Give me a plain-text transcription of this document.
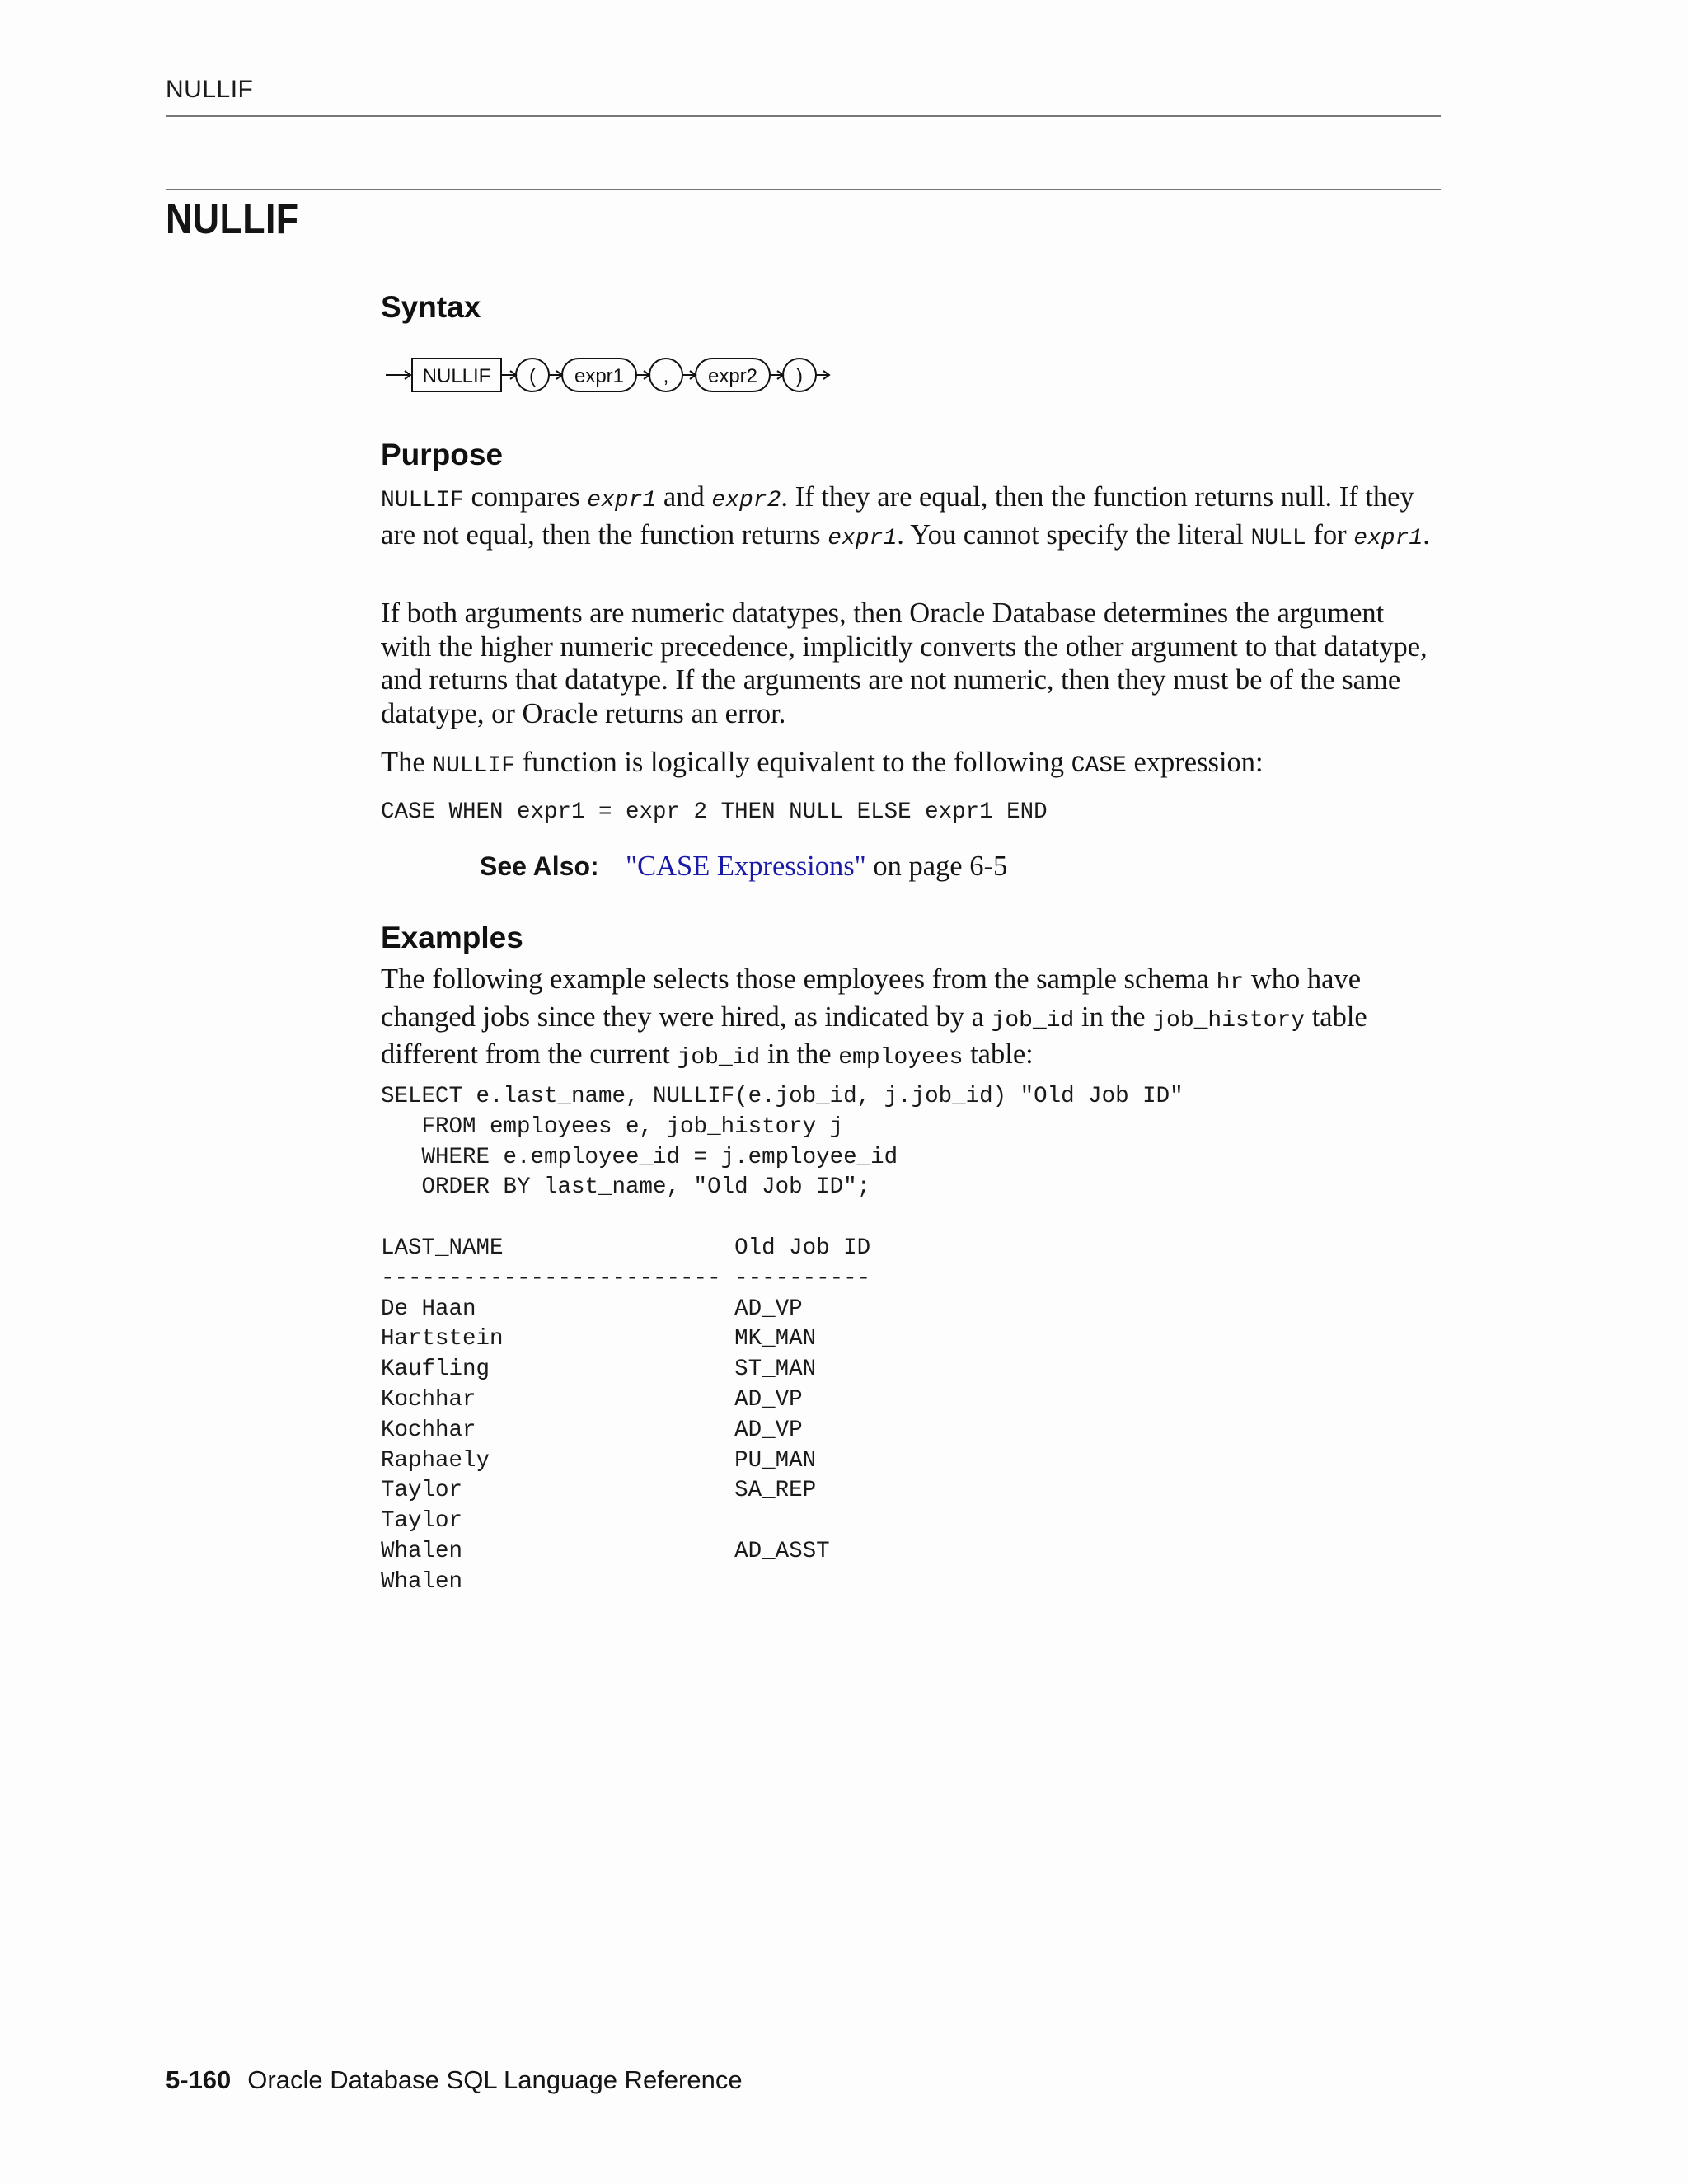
NULLIF
NULLIF
Syntax
NULLIF ( expr1 , expr2 )
Purpose

NULLIF compares expr1 and expr2. If they are equal, then the function returns null. If they are not equal, then the function returns expr1. You cannot specify the literal NULL for expr1.

If both arguments are numeric datatypes, then Oracle Database determines the argument with the higher numeric precedence, implicitly converts the other argument to that datatype, and returns that datatype. If the arguments are not numeric, then they must be of the same datatype, or Oracle returns an error.

The NULLIF function is logically equivalent to the following CASE expression:

CASE WHEN expr1 = expr 2 THEN NULL ELSE expr1 END
See Also: "CASE Expressions" on page 6-5
Examples

The following example selects those employees from the sample schema hr who have changed jobs since they were hired, as indicated by a job_id in the job_history table different from the current job_id in the employees table:

SELECT e.last_name, NULLIF(e.job_id, j.job_id) "Old Job ID"
FROM employees e, job_history j
WHERE e.employee_id = j.employee_id
ORDER BY last_name, "Old Job ID";
LAST_NAME                 Old Job ID
------------------------- ----------
De Haan                   AD_VP
Hartstein                 MK_MAN
Kaufling                  ST_MAN
Kochhar                   AD_VP
Kochhar                   AD_VP
Raphaely                  PU_MAN
Taylor                    SA_REP
Taylor
Whalen                    AD_ASST
Whalen
5-160 Oracle Database SQL Language Reference
